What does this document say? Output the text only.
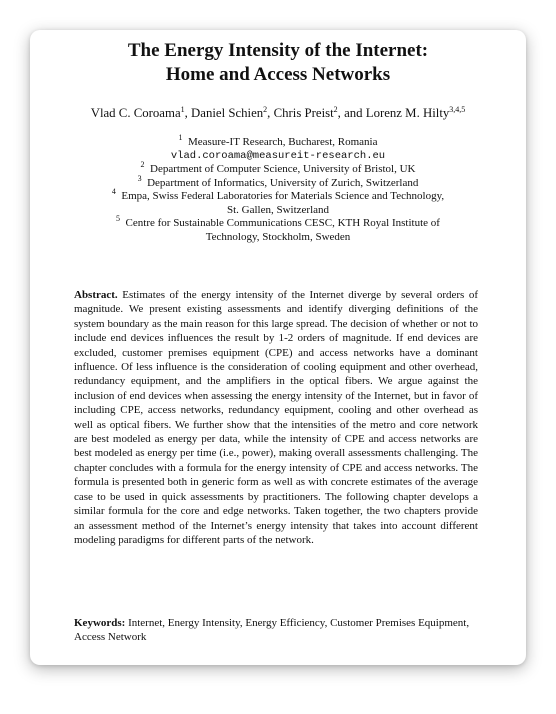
The Energy Intensity of the Internet:
Home and Access Networks
Vlad C. Coroama$^1$, Daniel Schien$^2$, Chris Preist$^2$, and Lorenz M. Hilty$^{3,4,5}$
$^1$ Measure-IT Research, Bucharest, Romania
vlad.coroama@measureit-research.eu
$^2$ Department of Computer Science, University of Bristol, UK
$^3$ Department of Informatics, University of Zurich, Switzerland
$^4$ Empa, Swiss Federal Laboratories for Materials Science and Technology,
St. Gallen, Switzerland
$^5$ Centre for Sustainable Communications CESC, KTH Royal Institute of
Technology, Stockholm, Sweden
Abstract. Estimates of the energy intensity of the Internet diverge by several orders of magnitude. We present existing assessments and identify diverging definitions of the system boundary as the main reason for this large spread. The decision of whether or not to include end devices influences the result by 1-2 orders of magnitude. If end devices are excluded, customer premises equipment (CPE) and access networks have a dominant influence. Of less influence is the consideration of cooling equipment and other overhead, redundancy equipment, and the amplifiers in the optical fibers. We argue against the inclusion of end devices when assessing the energy intensity of the Internet, but in favor of including CPE, access networks, redundancy equipment, cooling and other overhead as well as optical fibers. We further show that the intensities of the metro and core network are best modeled as energy per data, while the intensity of CPE and access networks are best modeled as energy per time (i.e., power), making overall assessments challenging. The chapter concludes with a formula for the energy intensity of CPE and access networks. The formula is presented both in generic form as well as with concrete estimates of the average case to be used in quick assessments by practitioners. The following chapter develops a similar formula for the core and edge networks. Taken together, the two chapters provide an assessment method of the Internet’s energy intensity that takes into account different modeling paradigms for different parts of the network.
Keywords: Internet, Energy Intensity, Energy Efficiency, Customer Premises Equipment, Access Network
